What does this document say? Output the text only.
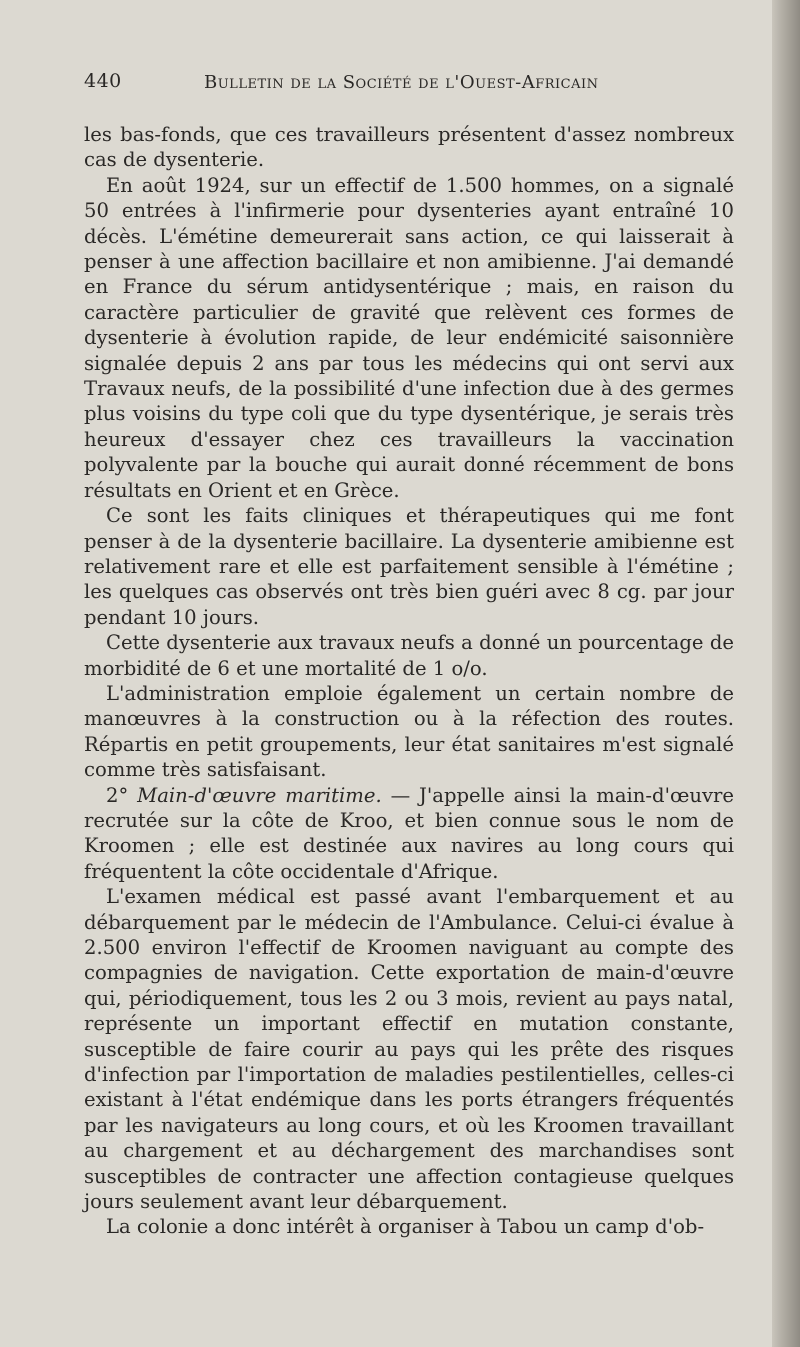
440	Bulletin de la Société de l'Ouest-Africain

les bas-fonds, que ces travailleurs présentent d'assez nombreux cas de dysenterie.

En août 1924, sur un effectif de 1.500 hommes, on a signalé 50 entrées à l'infirmerie pour dysenteries ayant entraîné 10 décès. L'émétine demeurerait sans action, ce qui laisserait à penser à une affection bacillaire et non amibienne. J'ai demandé en France du sérum antidysentérique ; mais, en raison du caractère particulier de gravité que relèvent ces formes de dysenterie à évolution rapide, de leur endémicité saisonnière signalée depuis 2 ans par tous les médecins qui ont servi aux Travaux neufs, de la possibilité d'une infection due à des germes plus voisins du type coli que du type dysentérique, je serais très heureux d'essayer chez ces travailleurs la vaccination polyvalente par la bouche qui aurait donné récemment de bons résultats en Orient et en Grèce.

Ce sont les faits cliniques et thérapeutiques qui me font penser à de la dysenterie bacillaire. La dysenterie amibienne est relativement rare et elle est parfaitement sensible à l'émétine ; les quelques cas observés ont très bien guéri avec 8 cg. par jour pendant 10 jours.

Cette dysenterie aux travaux neufs a donné un pourcentage de morbidité de 6 et une mortalité de 1 o/o.

L'administration emploie également un certain nombre de manœuvres à la construction ou à la réfection des routes. Répartis en petit groupements, leur état sanitaires m'est signalé comme très satisfaisant.

2° Main-d'œuvre maritime. — J'appelle ainsi la main-d'œuvre recrutée sur la côte de Kroo, et bien connue sous le nom de Kroomen ; elle est destinée aux navires au long cours qui fréquentent la côte occidentale d'Afrique.

L'examen médical est passé avant l'embarquement et au débarquement par le médecin de l'Ambulance. Celui-ci évalue à 2.500 environ l'effectif de Kroomen naviguant au compte des compagnies de navigation. Cette exportation de main-d'œuvre qui, périodiquement, tous les 2 ou 3 mois, revient au pays natal, représente un important effectif en mutation constante, susceptible de faire courir au pays qui les prête des risques d'infection par l'importation de maladies pestilentielles, celles-ci existant à l'état endémique dans les ports étrangers fréquentés par les navigateurs au long cours, et où les Kroomen travaillant au chargement et au déchargement des marchandises sont susceptibles de contracter une affection contagieuse quelques jours seulement avant leur débarquement.

La colonie a donc intérêt à organiser à Tabou un camp d'ob-
